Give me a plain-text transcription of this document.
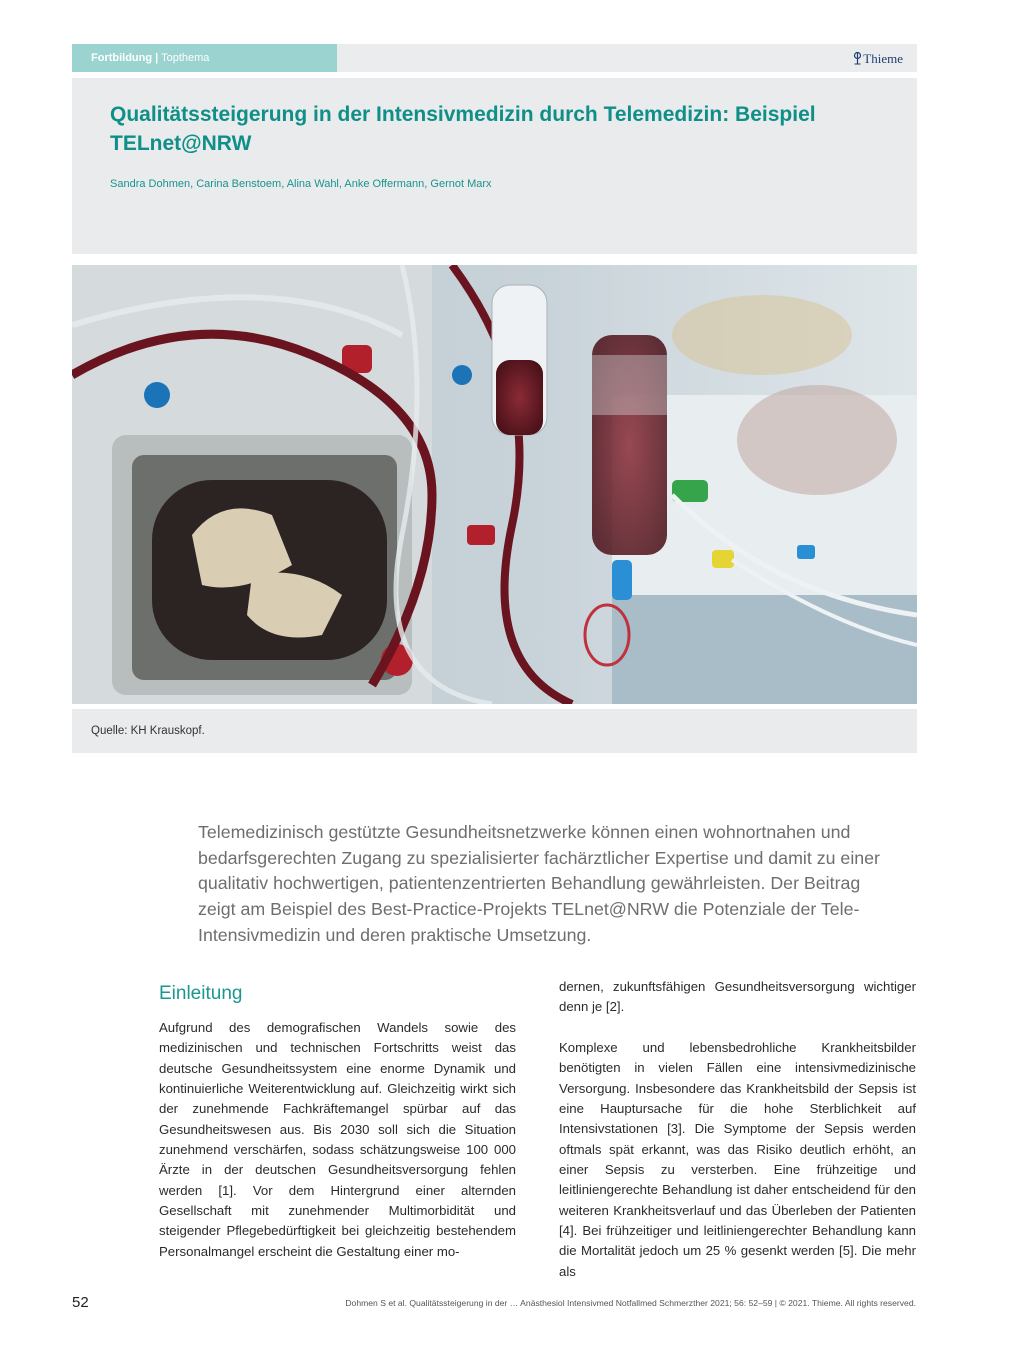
Fortbildung | Topthema	Thieme
Qualitätssteigerung in der Intensivmedizin durch Telemedizin: Beispiel TELnet@NRW
Sandra Dohmen, Carina Benstoem, Alina Wahl, Anke Offermann, Gernot Marx
Quelle: KH Krauskopf.

Telemedizinisch gestützte Gesundheitsnetzwerke können einen wohnortnahen und bedarfsgerechten Zugang zu spezialisierter fachärztlicher Expertise und damit zu einer qualitativ hochwertigen, patientenzentrierten Behandlung gewährleisten. Der Beitrag zeigt am Beispiel des Best-Practice-Projekts TELnet@NRW die Potenziale der Tele-Intensivmedizin und deren praktische Umsetzung.

Einleitung

Aufgrund des demografischen Wandels sowie des medizinischen und technischen Fortschritts weist das deutsche Gesundheitssystem eine enorme Dynamik und kontinuierliche Weiterentwicklung auf. Gleichzeitig wirkt sich der zunehmende Fachkräftemangel spürbar auf das Gesundheitswesen aus. Bis 2030 soll sich die Situation zunehmend verschärfen, sodass schätzungsweise 100 000 Ärzte in der deutschen Gesundheitsversorgung fehlen werden [1]. Vor dem Hintergrund einer alternden Gesellschaft mit zunehmender Multimorbidität und steigender Pflegebedürftigkeit bei gleichzeitig bestehendem Personalmangel erscheint die Gestaltung einer mo-

dernen, zukunftsfähigen Gesundheitsversorgung wichtiger denn je [2].

Komplexe und lebensbedrohliche Krankheitsbilder benötigten in vielen Fällen eine intensivmedizinische Versorgung. Insbesondere das Krankheitsbild der Sepsis ist eine Hauptursache für die hohe Sterblichkeit auf Intensivstationen [3]. Die Symptome der Sepsis werden oftmals spät erkannt, was das Risiko deutlich erhöht, an einer Sepsis zu versterben. Eine frühzeitige und leitliniengerechte Behandlung ist daher entscheidend für den weiteren Krankheitsverlauf und das Überleben der Patienten [4]. Bei frühzeitiger und leitliniengerechter Behandlung kann die Mortalität jedoch um 25 % gesenkt werden [5]. Die mehr als

52	Dohmen S et al. Qualitätssteigerung in der … Anästhesiol Intensivmed Notfallmed Schmerzther 2021; 56: 52–59 | © 2021. Thieme. All rights reserved.
